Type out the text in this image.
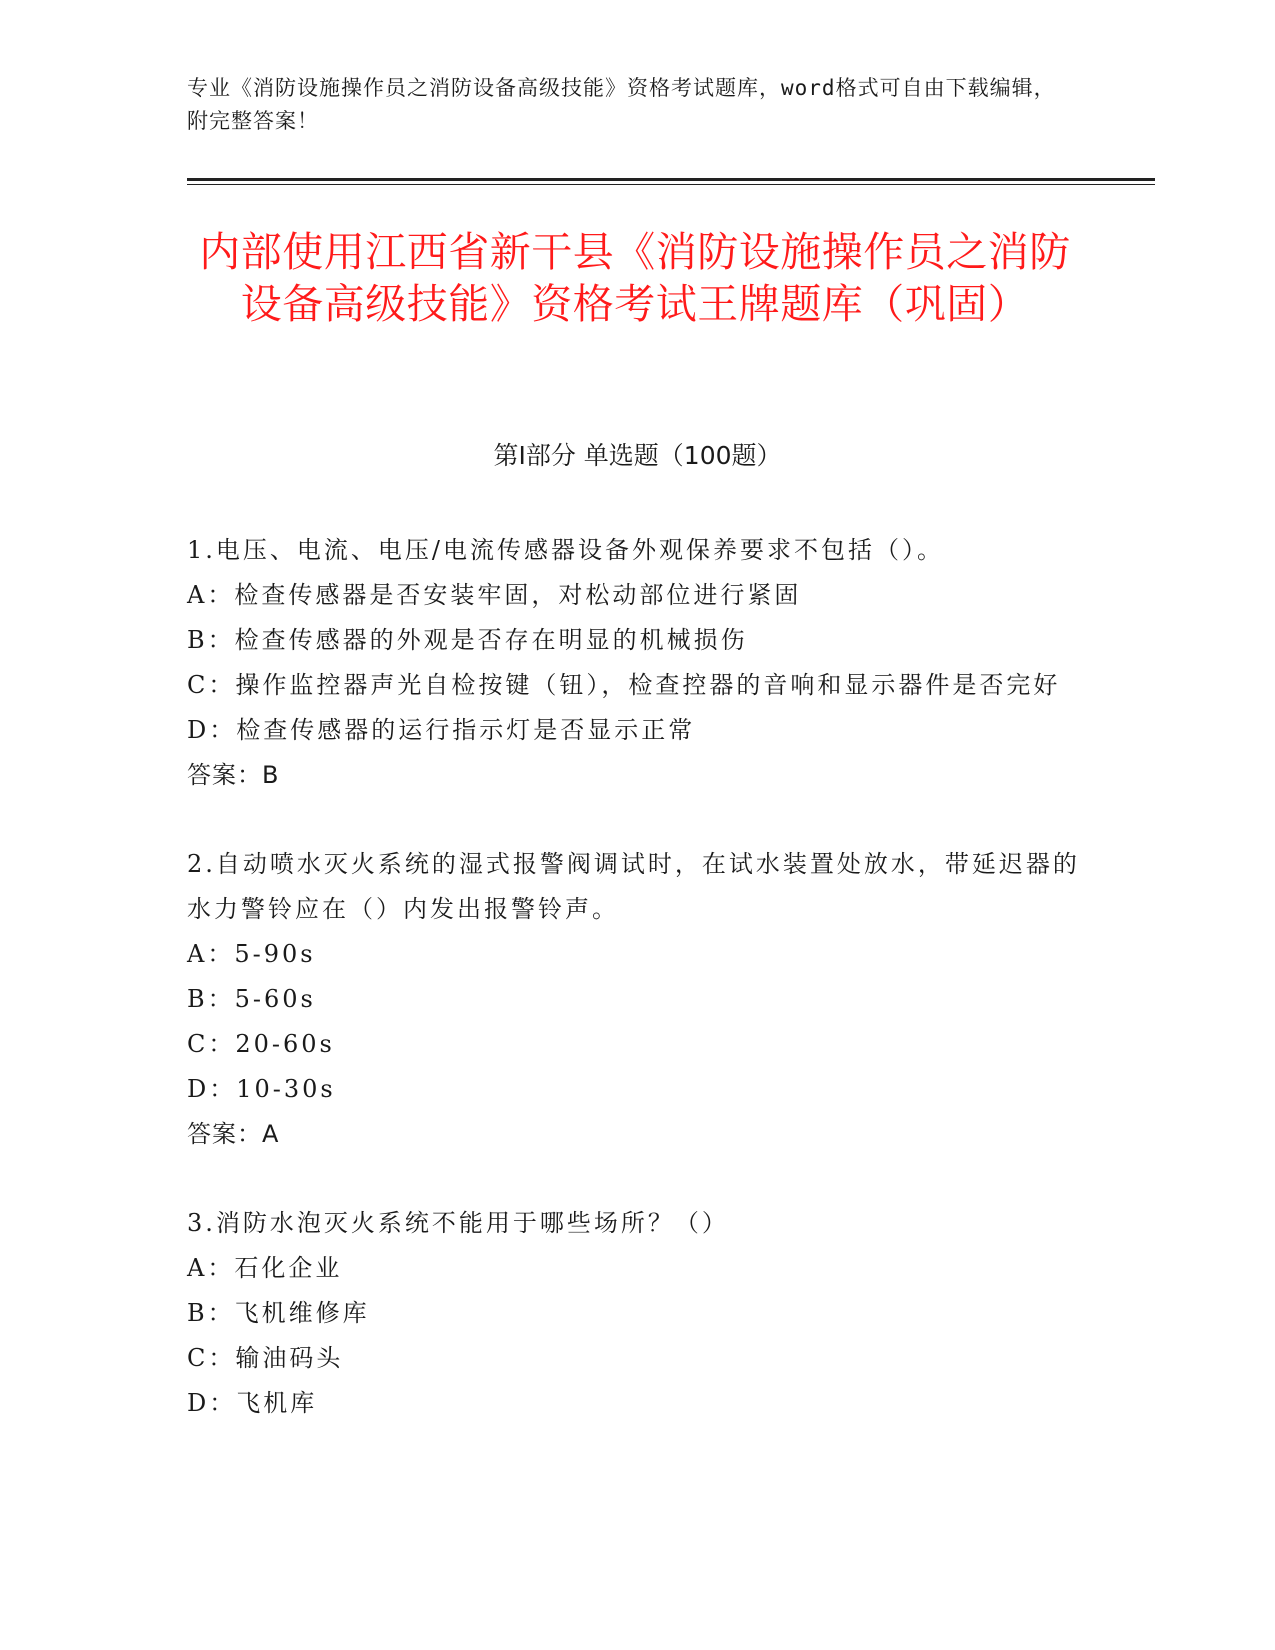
专业《消防设施操作员之消防设备高级技能》资格考试题库，word格式可自由下载编辑，附完整答案！
内部使用江西省新干县《消防设施操作员之消防设备高级技能》资格考试王牌题库（巩固）
第Ⅰ部分 单选题（100题）
1.电压、电流、电压/电流传感器设备外观保养要求不包括（）。
A：检查传感器是否安装牢固，对松动部位进行紧固
B：检查传感器的外观是否存在明显的机械损伤
C：操作监控器声光自检按键（钮），检查控器的音响和显示器件是否完好
D：检查传感器的运行指示灯是否显示正常
答案：B
2.自动喷水灭火系统的湿式报警阀调试时，在试水装置处放水，带延迟器的水力警铃应在（）内发出报警铃声。
A：5-90s
B：5-60s
C：20-60s
D：10-30s
答案：A
3.消防水泡灭火系统不能用于哪些场所？（）
A：石化企业
B：飞机维修库
C：输油码头
D：飞机库
